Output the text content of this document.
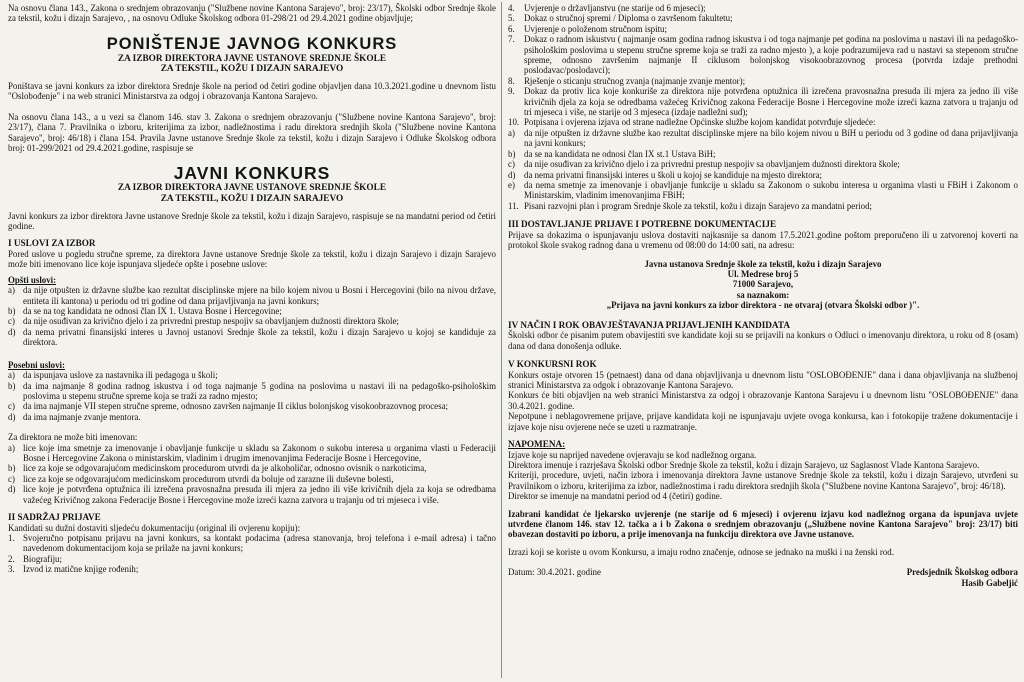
Na osnovu člana 143., Zakona o srednjem obrazovanju ("Službene novine Kantona Sarajevo", broj: 23/17), Školski odbor Srednje škole za tekstil, kožu i dizajn Sarajevo, , na osnovu Odluke Školskog odbora 01-298/21 od 29.4.2021 godine objavljuje;

PONIŠTENJE JAVNOG KONKURS
ZA IZBOR DIREKTORA JAVNE USTANOVE SREDNJE ŠKOLE
ZA TEKSTIL, KOŽU I DIZAJN SARAJEVO

Poništava se javni konkurs za izbor direktora Srednje škole na period od četiri godine objavljen dana 10.3.2021.godine u dnevnom listu "Oslobođenje" i na web stranici Ministarstva za odgoj i obrazovanja Kantona Sarajevo.

Na osnovu člana 143., a u vezi sa članom 146. stav 3. Zakona o srednjem obrazovanju ("Službene novine Kantona Sarajevo", broj: 23/17), člana 7. Pravilnika o izboru, kriterijima za izbor, nadležnostima i radu direktora srednjih škola ("Službene novine Kantona Sarajevo", broj: 46/18) i člana 154. Pravila Javne ustanove Srednje škole za tekstil, kožu i dizajn Sarajevo i Odluke Školskog odbora broj: 01-299/2021 od 29.4.2021.godine, raspisuje se

JAVNI KONKURS
ZA IZBOR DIREKTORA JAVNE USTANOVE SREDNJE ŠKOLE
ZA TEKSTIL, KOŽU I DIZAJN SARAJEVO

Javni konkurs za izbor direktora Javne ustanove Srednje škole za tekstil, kožu i dizajn Sarajevo, raspisuje se na mandatni period od četiri godine.

I USLOVI ZA IZBOR

Pored uslove u pogledu stručne spreme, za direktora Javne ustanove Srednje škole za tekstil, kožu i dizajn Sarajevo i dizajn Sarajevo može biti imenovano lice koje ispunjava sljedeće opšte i posebne uslove:

Opšti uslovi:
a) da nije otpušten iz državne službe kao rezultat disciplinske mjere na bilo kojem nivou u Bosni i Hercegovini (bilo na nivou države, entiteta ili kantona) u periodu od tri godine od dana prijavljivanja na javni konkurs;
b) da se na tog kandidata ne odnosi član IX 1. Ustava Bosne i Hercegovine;
c) da nije osuđivan za krivično djelo i za privredni prestup nespojiv sa obavljanjem dužnosti direktora škole;
d) da nema privatni finansijski interes u Javnoj ustanovi Srednje škole za tekstil, kožu i dizajn Sarajevo u kojoj se kandiduje za direktora.
Posebni uslovi:
a) da ispunjava uslove za nastavnika ili pedagoga u školi;
b) da ima najmanje 8 godina radnog iskustva i od toga najmanje 5 godina na poslovima u nastavi ili na pedagoško-psihološkim poslovima u stepenu stručne spreme koja se traži za radno mjesto;
c) da ima najmanje VII stepen stručne spreme, odnosno završen najmanje II ciklus bolonjskog visokoobrazovnog procesa;
d) da ima najmanje zvanje mentora.
Za direktora ne može biti imenovan:
a) lice koje ima smetnje za imenovanje i obavljanje funkcije u skladu sa Zakonom o sukobu interesa u organima vlasti u Federaciji Bosne i Hercegovine Zakona o ministarskim, vladinim i drugim imenovanjima Federacije Bosne i Hercegovine,
b) lice za koje se odgovarajućom medicinskom procedurom utvrdi da je alkoholičar, odnosno ovisnik o narkoticima,
c) lice za koje se odgovarajućom medicinskom procedurom utvrdi da boluje od zarazne ili duševne bolesti,
d) lice koje je potvrđena optužnica ili izrečena pravosnažna presuda ili mjera za jedno ili više krivičnih djela za koja se odredbama važećeg Krivičnog zakona Federacije Bosne i Hercegovine može izreći kazna zatvora u trajanju od tri mjeseca i više.
II SADRŽAJ PRIJAVE

Kandidati su dužni dostaviti sljedeću dokumentaciju (original ili ovjerenu kopiju):

1. Svojeručno potpisanu prijavu na javni konkurs, sa kontakt podacima (adresa stanovanja, broj telefona i e-mail adresa) i tačno navedenom dokumentacijom koja se prilaže na javni konkurs;
2. Biografiju;
3. Izvod iz matične knjige rođenih;
4.	Uvjerenje o državljanstvu (ne starije od 6 mjeseci);
5.	Dokaz o stručnoj spremi / Diploma o završenom fakultetu;
6.	Uvjerenje o položenom stručnom ispitu;
7.	Dokaz o radnom iskustvu ( najmanje osam godina radnog iskustva i od toga najmanje pet godina na poslovima u nastavi ili na pedagoško-psihološkim poslovima u stepenu stručne spreme koja se traži za radno mjesto ), a koje podrazumijeva rad u nastavi sa stepenom stručne spreme, odnosno završenim najmanje II ciklusom bolonjskog visokoobrazovnog procesa (potvrda izdaje prethodni poslodavac/poslodavci);
8.	Rješenje o sticanju stručnog zvanja (najmanje zvanje mentor);
9.	Dokaz da protiv lica koje konkuriše za direktora nije potvrđena optužnica ili izrečena pravosnažna presuda ili mjera za jedno ili više krivičnih djela za koja se odredbama važećeg Krivičnog zakona Federacije Bosne i Hercegovine može izreći kazna zatvora u trajanju od tri mjeseca i više, ne starije od 3 mjeseca (izdaje nadležni sud);
10. Potpisana i ovjerena izjava od strane nadležne Općinske službe kojom kandidat potvrđuje sljedeće:
a)	da nije otpušten iz državne službe kao rezultat disciplinske mjere na bilo kojem nivou u BiH u periodu od 3 godine od dana prijavljivanja na javni konkurs;
b) da se na kandidata ne odnosi član IX st.1 Ustava BiH;
c)	da nije osuđivan za krivično djelo i za privredni prestup nespojiv sa obavljanjem dužnosti direktora škole;
d) da nema privatni finansijski interes u školi u kojoj se kandiduje na mjesto direktora;
e)	da nema smetnje za imenovanje i obavljanje funkcije u skladu sa Zakonom o sukobu interesa u organima vlasti u FBiH i Zakonom o Ministarskim, vladinim imenovanjima FBiH;
11. Pisani razvojni plan i program Srednje škole za tekstil, kožu i dizajn Sarajevo za mandatni period;
III DOSTAVLJANJE PRIJAVE I POTREBNE DOKUMENTACIJE

Prijave sa dokazima o ispunjavanju uslova dostaviti najkasnije sa danom 17.5.2021.godine poštom preporučeno ili u zatvorenoj koverti na protokol škole svakog radnog dana u vremenu od 08:00 do 14:00 sati, na adresu:

Javna ustanova Srednje škole za tekstil, kožu i dizajn Sarajevo
Ul. Medrese broj 5
71000 Sarajevo,
sa naznakom:
„Prijava na javni konkurs za izbor direktora - ne otvaraj (otvara Školski odbor )".
IV NAČIN I ROK OBAVJEŠTAVANJA PRIJAVLJENIH KANDIDATA

Školski odbor će pisanim putem obavijestiti sve kandidate koji su se prijavili na konkurs o Odluci o imenovanju direktora, u roku od 8 (osam) dana od dana donošenja odluke.

V KONKURSNI ROK

Konkurs ostaje otvoren 15 (petnaest) dana od dana objavljivanja u dnevnom listu "OSLOBOĐENJE" dana i dana objavljivanja na službenoj stranici Ministarstva za odgok i obrazovanje Kantona Sarajevo.

Konkurs će biti objavljen na web stranici Ministarstva za odgoj i obrazovanje Kantona Sarajevu i u dnevnom listu "OSLOBOĐENJE" dana 30.4.2021. godine.

Nepotpune i neblagovremene prijave, prijave kandidata koji ne ispunjavaju uvjete ovoga konkursa, kao i fotokopije tražene dokumentacije i izjave koje nisu ovjerene neće se uzeti u razmatranje.

NAPOMENA:

Izjave koje su naprijed navedene ovjeravaju se kod nadležnog organa.

Direktora imenuje i razrješava Školski odbor Srednje škole za tekstil, kožu i dizajn Sarajevo, uz Saglasnost Vlade Kantona Sarajevo.

Kriteriji, procedure, uvjeti, način izbora i imenovanja direktora Javne ustanove Srednje škole za tekstil, kožu i dizajn Sarajevo, utvrđeni su Pravilnikom o izboru, kriterijima za izbor, nadležnostima i radu direktora srednjih škola ("Službene novine Kantona Sarajevo", broj: 46/18).

Direktor se imenuje na mandatni period od 4 (četiri) godine.

Izabrani kandidat će ljekarsko uvjerenje (ne starije od 6 mjeseci) i ovjerenu izjavu kod nadležnog organa da ispunjava uvjete utvrđene članom 146. stav 12. tačka a i b Zakona o srednjem obrazovanju („Službene novine Kantona Sarajevo" broj: 23/17) biti obavezan dostaviti po izboru, a prije imenovanja na funkciju direktora ove Javne ustanove.

Izrazi koji se koriste u ovom Konkursu, a imaju rodno značenje, odnose se jednako na muški i na ženski rod.

Datum: 30.4.2021. godine	Predsjednik Školskog odbora
Hasib Gabeljić
